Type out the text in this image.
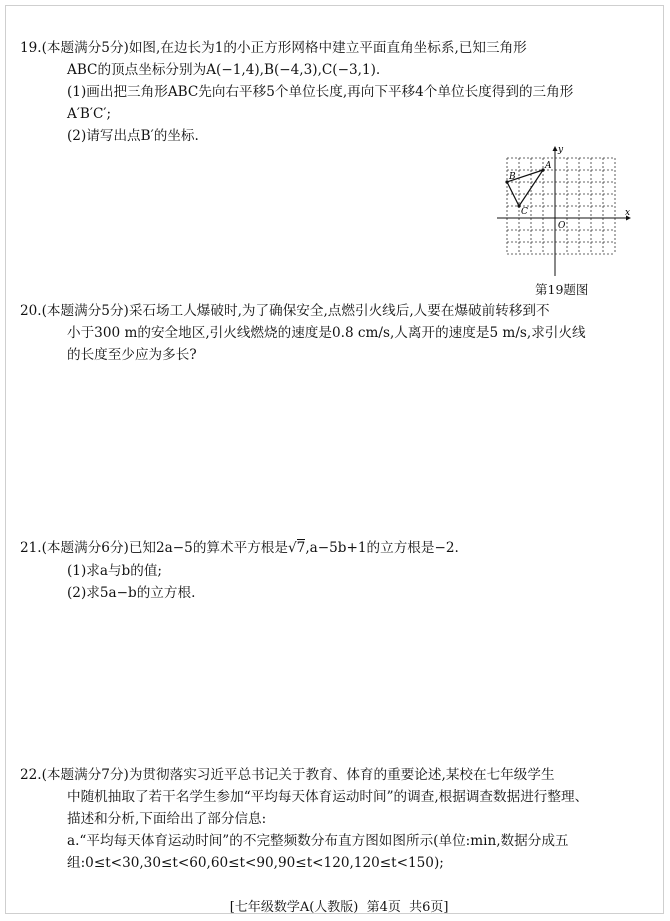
19.(本题满分5分)如图,在边长为1的小正方形网格中建立平面直角坐标系,已知三角形
ABC的顶点坐标分别为A(−1,4),B(−4,3),C(−3,1).
(1)画出把三角形ABC先向右平移5个单位长度,再向下平移4个单位长度得到的三角形
A′B′C′;
(2)请写出点B′的坐标.
x
y
O
A
B
C
第19题图
20.(本题满分5分)采石场工人爆破时,为了确保安全,点燃引火线后,人要在爆破前转移到不
小于300 m的安全地区,引火线燃烧的速度是0.8 cm/s,人离开的速度是5 m/s,求引火线
的长度至少应为多长?
21.(本题满分6分)已知2a−5的算术平方根是√7,a−5b+1的立方根是−2.
(1)求a与b的值;
(2)求5a−b的立方根.
22.(本题满分7分)为贯彻落实习近平总书记关于教育、体育的重要论述,某校在七年级学生
中随机抽取了若干名学生参加“平均每天体育运动时间”的调查,根据调查数据进行整理、
描述和分析,下面给出了部分信息:
a.“平均每天体育运动时间”的不完整频数分布直方图如图所示(单位:min,数据分成五
组:0≤t<30,30≤t<60,60≤t<90,90≤t<120,120≤t<150);

[七年级数学A(人教版)  第4页  共6页]
